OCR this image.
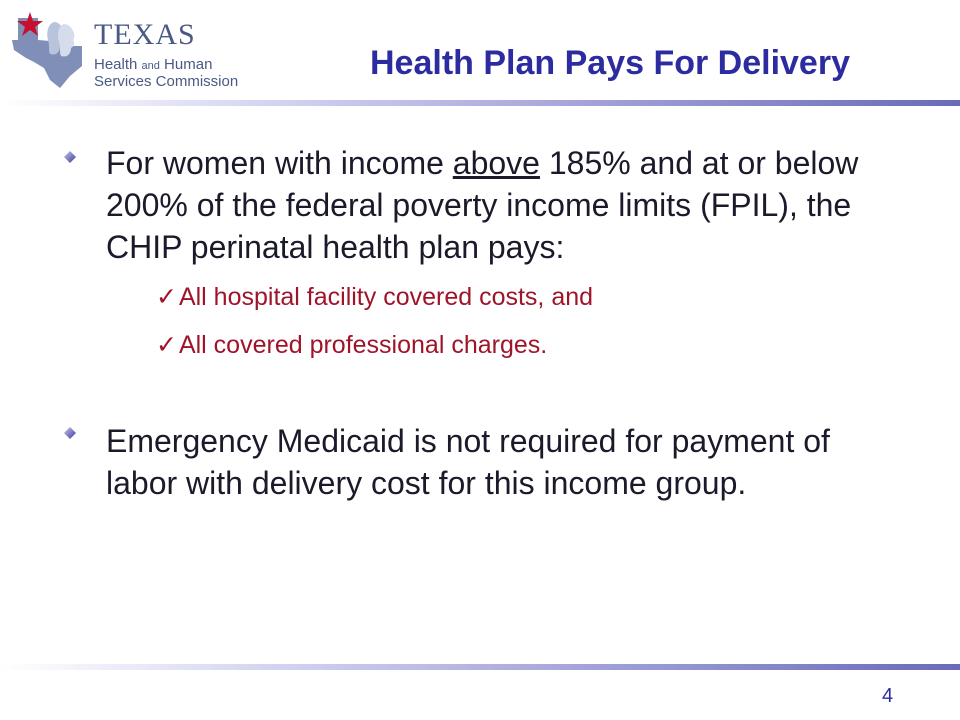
TEXAS
Health and Human
Services Commission	Health Plan Pays For Delivery

For women with income above 185% and at or below 200% of the federal poverty income limits (FPIL), the CHIP perinatal health plan pays:

✓All hospital facility covered costs, and
✓All covered professional charges.

Emergency Medicaid is not required for payment of labor with delivery cost for this income group.

4
